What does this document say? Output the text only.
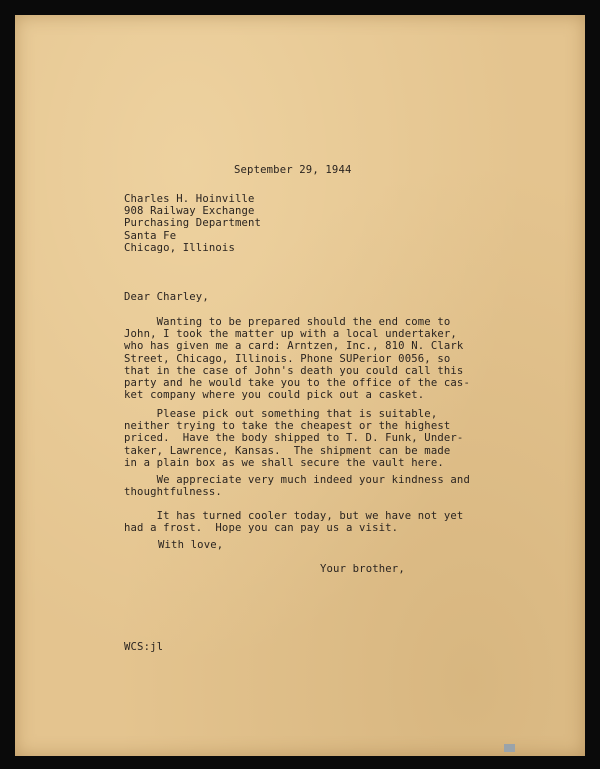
September 29, 1944

Charles H. Hoinville
908 Railway Exchange
Purchasing Department
Santa Fe
Chicago, Illinois

Dear Charley,

Wanting to be prepared should the end come to
John, I took the matter up with a local undertaker,
who has given me a card: Arntzen, Inc., 810 N. Clark
Street, Chicago, Illinois. Phone SUPerior 0056, so
that in the case of John's death you could call this
party and he would take you to the office of the cas-
ket company where you could pick out a casket.
Please pick out something that is suitable,
neither trying to take the cheapest or the highest
priced.  Have the body shipped to T. D. Funk, Under-
taker, Lawrence, Kansas.  The shipment can be made
in a plain box as we shall secure the vault here.
We appreciate very much indeed your kindness and
thoughtfulness.
It has turned cooler today, but we have not yet
had a frost.  Hope you can pay us a visit.

With love,

Your brother,

WCS:jl
